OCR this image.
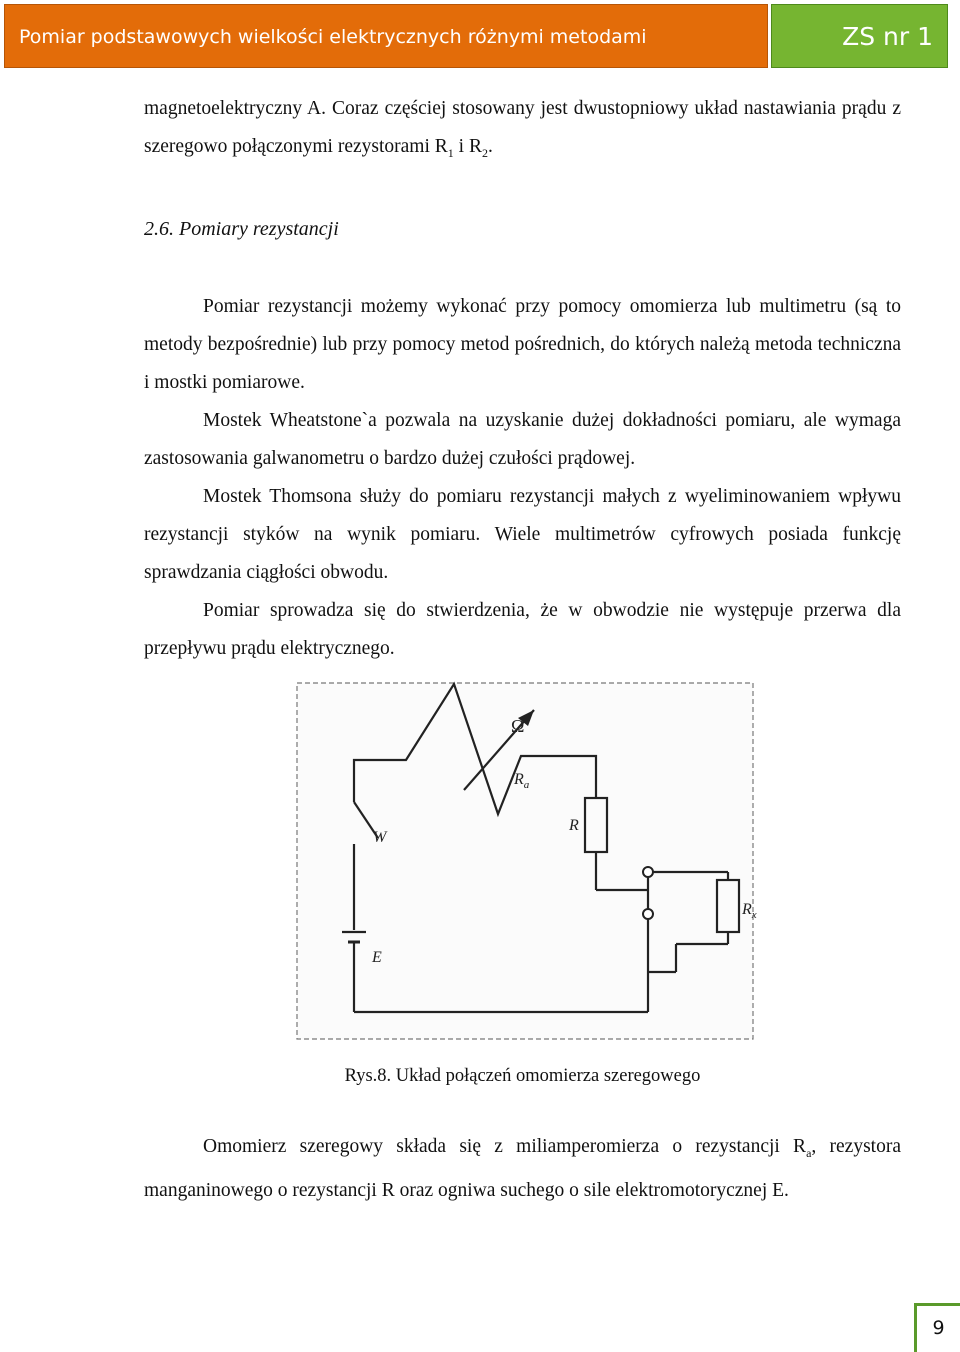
Pomiar podstawowych wielkości elektrycznych różnymi metodami	ZS nr 1

magnetoelektryczny A. Coraz częściej stosowany jest dwustopniowy układ nastawiania prądu z szeregowo połączonymi rezystorami $R_1$ i $R_2$.

2.6. Pomiary rezystancji

Pomiar rezystancji możemy wykonać przy pomocy omomierza lub multimetru (są to metody bezpośrednie) lub przy pomocy metod pośrednich, do których należą metoda techniczna i mostki pomiarowe.

Mostek Wheatstone`a pozwala na uzyskanie dużej dokładności pomiaru, ale wymaga zastosowania galwanometru o bardzo dużej czułości prądowej.

Mostek Thomsona służy do pomiaru rezystancji małych z wyeliminowaniem wpływu rezystancji styków na wynik pomiaru. Wiele multimetrów cyfrowych posiada funkcję sprawdzania ciągłości obwodu.

Pomiar sprowadza się do stwierdzenia, że w obwodzie nie występuje przerwa dla przepływu prądu elektrycznego.

Ω
$R_a$
R
$R_x$
W
E

Rys.8. Układ połączeń omomierza szeregowego

Omomierz szeregowy składa się z miliamperomierza o rezystancji $R_a$, rezystora manganinowego o rezystancji R oraz ogniwa suchego o sile elektromotorycznej E.

9
